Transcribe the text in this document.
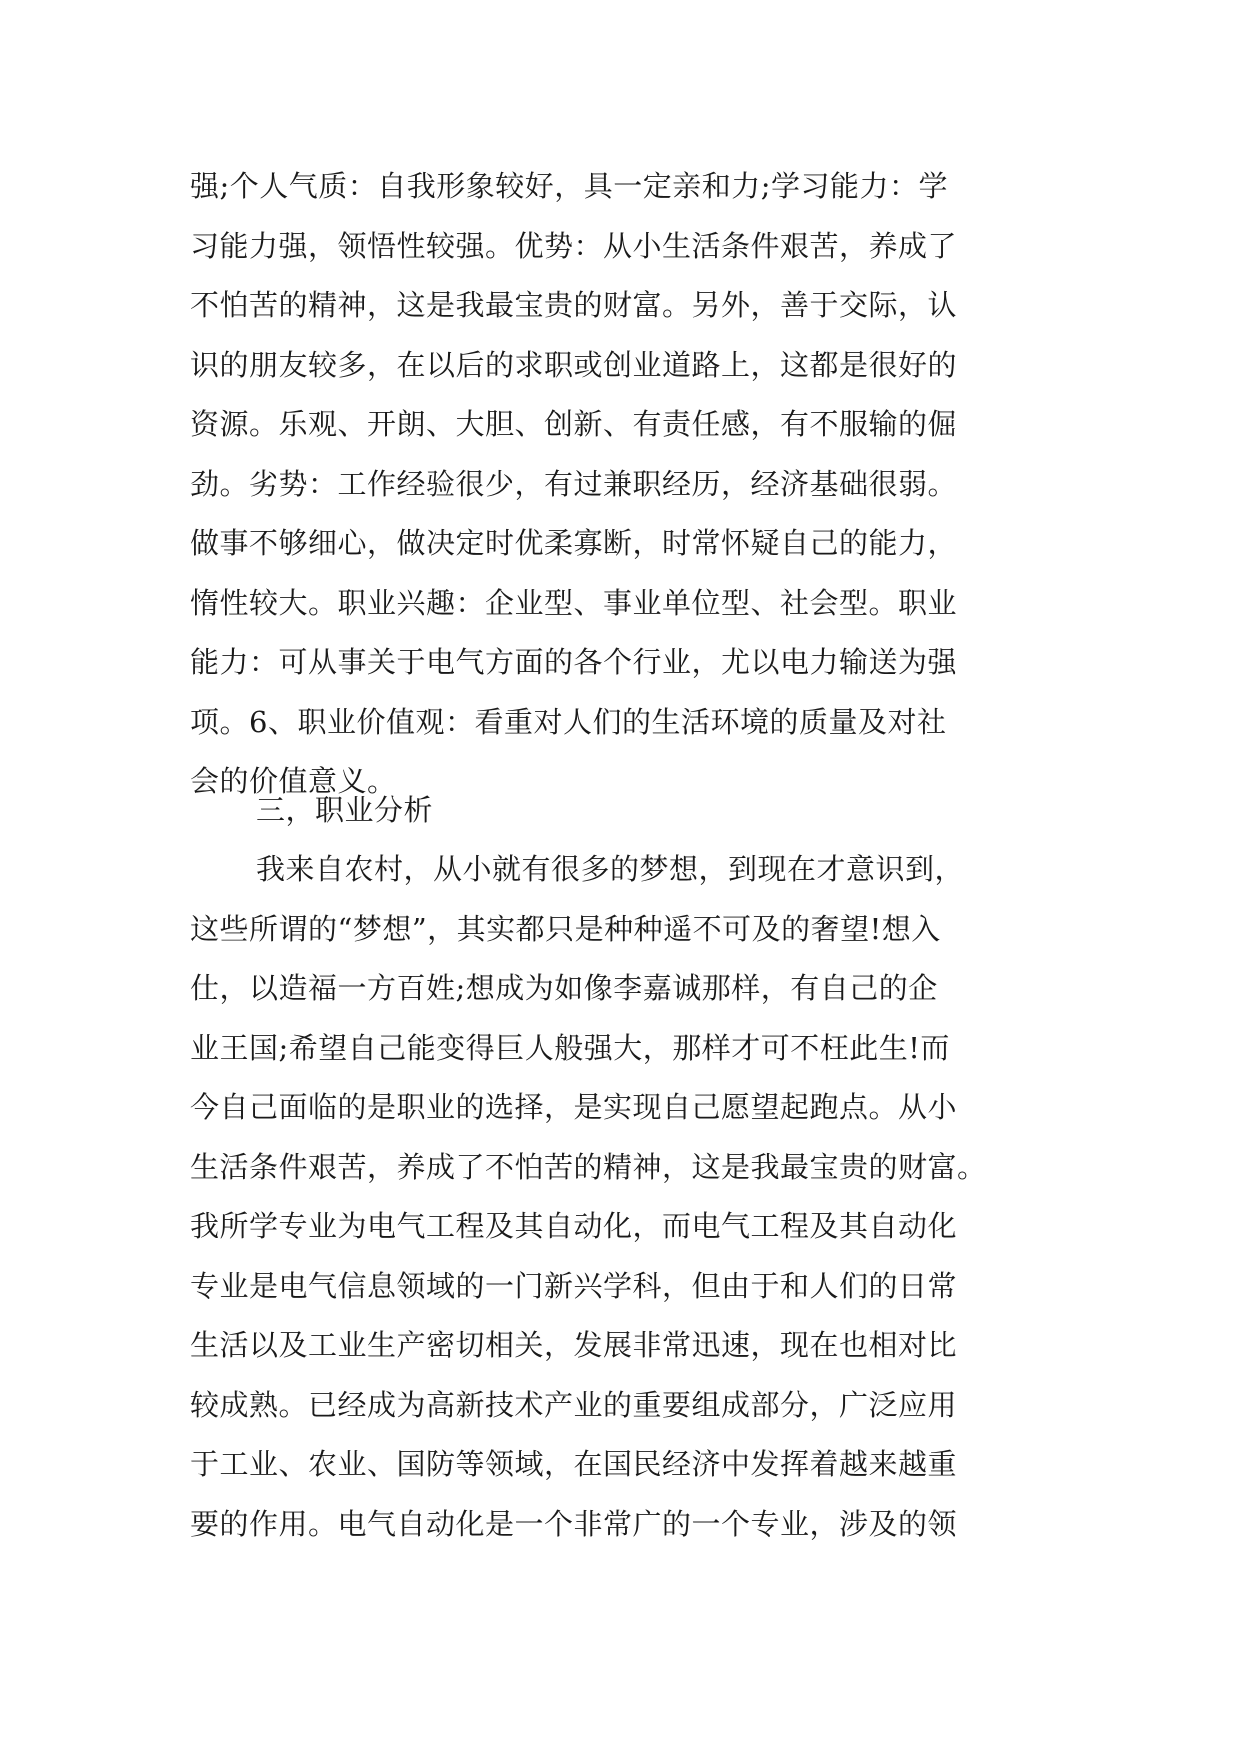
强;个人气质：自我形象较好，具一定亲和力;学习能力：学
习能力强，领悟性较强。优势：从小生活条件艰苦，养成了
不怕苦的精神，这是我最宝贵的财富。另外，善于交际，认
识的朋友较多，在以后的求职或创业道路上，这都是很好的
资源。乐观、开朗、大胆、创新、有责任感，有不服输的倔
劲。劣势：工作经验很少，有过兼职经历，经济基础很弱。
做事不够细心，做决定时优柔寡断，时常怀疑自己的能力，
惰性较大。职业兴趣：企业型、事业单位型、社会型。职业
能力：可从事关于电气方面的各个行业，尤以电力输送为强
项。6、职业价值观：看重对人们的生活环境的质量及对社
会的价值意义。
三，职业分析
我来自农村，从小就有很多的梦想，到现在才意识到，
这些所谓的“梦想”，其实都只是种种遥不可及的奢望!想入
仕，以造福一方百姓;想成为如像李嘉诚那样，有自己的企
业王国;希望自己能变得巨人般强大，那样才可不枉此生!而
今自己面临的是职业的选择，是实现自己愿望起跑点。从小
生活条件艰苦，养成了不怕苦的精神，这是我最宝贵的财富。
我所学专业为电气工程及其自动化，而电气工程及其自动化
专业是电气信息领域的一门新兴学科，但由于和人们的日常
生活以及工业生产密切相关，发展非常迅速，现在也相对比
较成熟。已经成为高新技术产业的重要组成部分，广泛应用
于工业、农业、国防等领域，在国民经济中发挥着越来越重
要的作用。电气自动化是一个非常广的一个专业，涉及的领
